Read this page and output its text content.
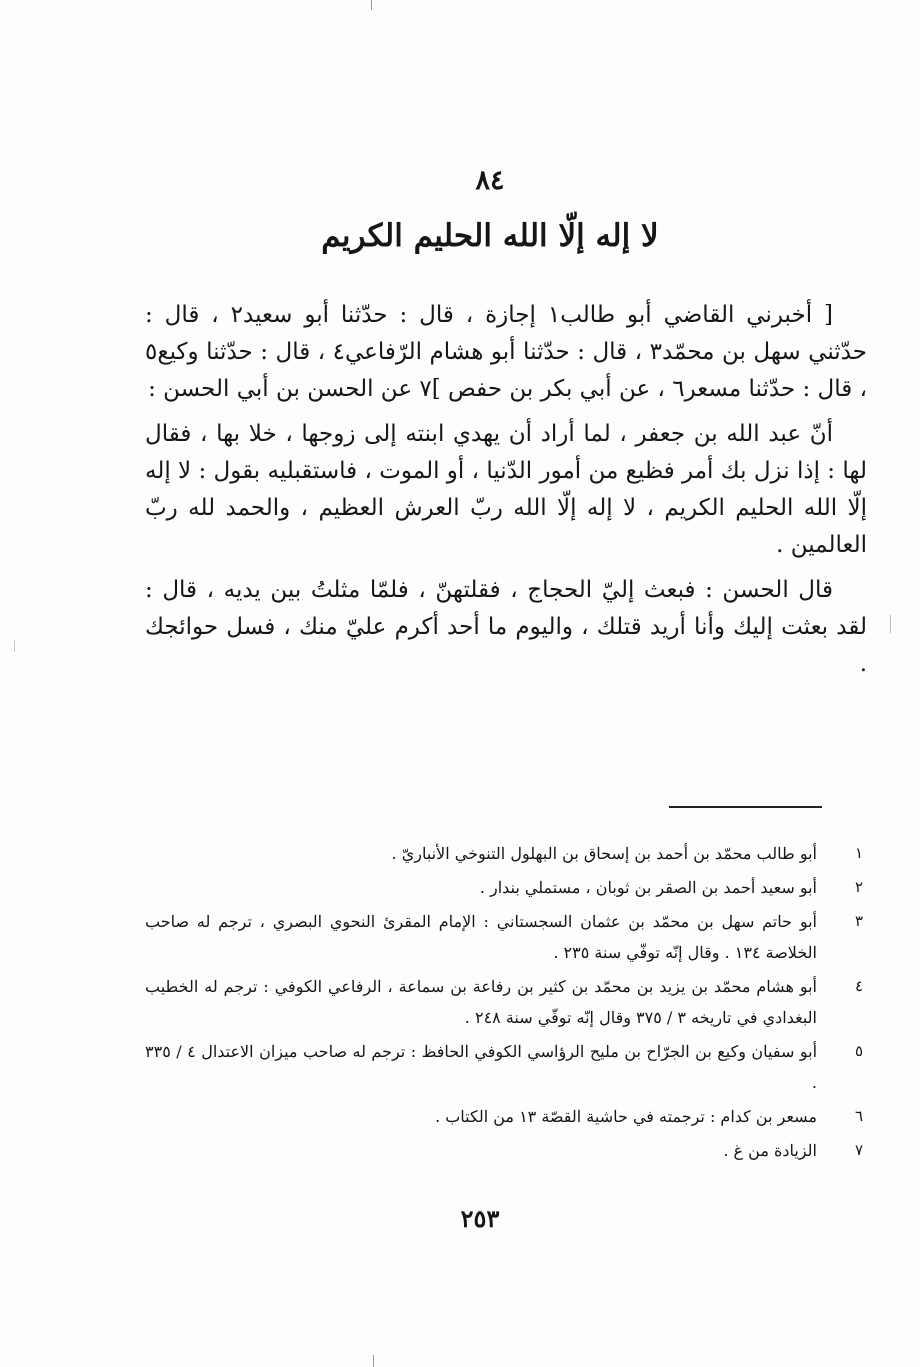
٨٤
لا إله إلّا الله الحليم الكريم

[ أخبرني القاضي أبو طالب١ إجازة ، قال : حدّثنا أبو سعيد٢ ، قال : حدّثني سهل بن محمّد٣ ، قال : حدّثنا أبو هشام الرّفاعي٤ ، قال : حدّثنا وكيع٥ ، قال : حدّثنا مسعر٦ ، عن أبي بكر بن حفص ]٧ عن الحسن بن أبي الحسن :

أنّ عبد الله بن جعفر ، لما أراد أن يهدي ابنته إلى زوجها ، خلا بها ، فقال لها : إذا نزل بك أمر فظيع من أمور الدّنيا ، أو الموت ، فاستقبليه بقول : لا إله إلّا الله الحليم الكريم ، لا إله إلّا الله ربّ العرش العظيم ، والحمد لله ربّ العالمين .

قال الحسن : فبعث إليّ الحجاج ، فقلتهنّ ، فلمّا مثلتُ بين يديه ، قال : لقد بعثت إليك وأنا أريد قتلك ، واليوم ما أحد أكرم عليّ منك ، فسل حوائجك .

١
أبو طالب محمّد بن أحمد بن إسحاق بن البهلول التنوخي الأنباريّ .
٢
أبو سعيد أحمد بن الصقر بن ثوبان ، مستملي بندار .
٣
أبو حاتم سهل بن محمّد بن عثمان السجستاني : الإمام المقرئ النحوي البصري ، ترجم له صاحب الخلاصة ١٣٤ . وقال إنّه توفّي سنة ٢٣٥ .
٤
أبو هشام محمّد بن يزيد بن محمّد بن كثير بن رفاعة بن سماعة ، الرفاعي الكوفي : ترجم له الخطيب البغدادي في تاريخه ٣ / ٣٧٥ وقال إنّه توفّي سنة ٢٤٨ .
٥
أبو سفيان وكيع بن الجرّاح بن مليح الرؤاسي الكوفي الحافظ : ترجم له صاحب ميزان الاعتدال ٤ / ٣٣٥ .
٦
مسعر بن كدام : ترجمته في حاشية القصّة ١٣ من الكتاب .
٧
الزيادة من غ .
٢٥٣
